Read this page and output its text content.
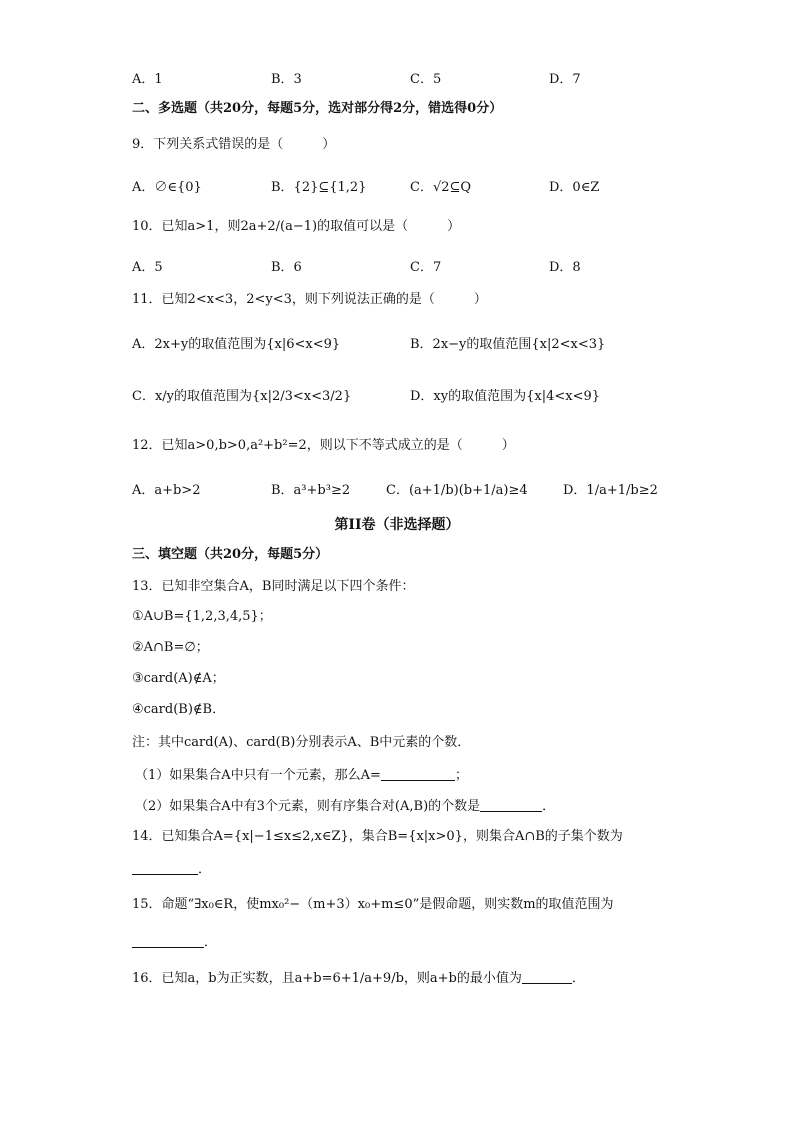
A．1	B．3	C．5	D．7
二、多选题（共20分，每题5分，选对部分得2分，错选得0分）
9．下列关系式错误的是（　　　）
A．∅∈{0}	B．{2}⊆{1,2}	C．√2⊆Q	D．0∈Z
10．已知a>1，则2a+2/(a−1)的取值可以是（　　　）
A．5	B．6	C．7	D．8
11．已知2<x<3，2<y<3，则下列说法正确的是（　　　）
A．2x+y的取值范围为{x|6<x<9}	B．2x−y的取值范围{x|2<x<3}
C．x/y的取值范围为{x|2/3<x<3/2}	D．xy的取值范围为{x|4<x<9}
12．已知a>0,b>0,a²+b²=2，则以下不等式成立的是（　　　）
A．a+b>2	B．a³+b³≥2	C．(a+1/b)(b+1/a)≥4	D．1/a+1/b≥2
第II卷（非选择题）
三、填空题（共20分，每题5分）
13．已知非空集合A，B同时满足以下四个条件：
①A∪B={1,2,3,4,5}；
②A∩B=∅；
③card(A)∉A；
④card(B)∉B．
注：其中card(A)、card(B)分别表示A、B中元素的个数．
（1）如果集合A中只有一个元素，那么A=	；
（2）如果集合A中有3个元素，则有序集合对(A,B)的个数是	．
14．已知集合A={x|−1≤x≤2,x∈Z}，集合B={x|x>0}，则集合A∩B的子集个数为
．
15．命题“∃x₀∈R，使mx₀²−（m+3）x₀+m≤0”是假命题，则实数m的取值范围为
．
16．已知a，b为正实数，且a+b=6+1/a+9/b，则a+b的最小值为	．
